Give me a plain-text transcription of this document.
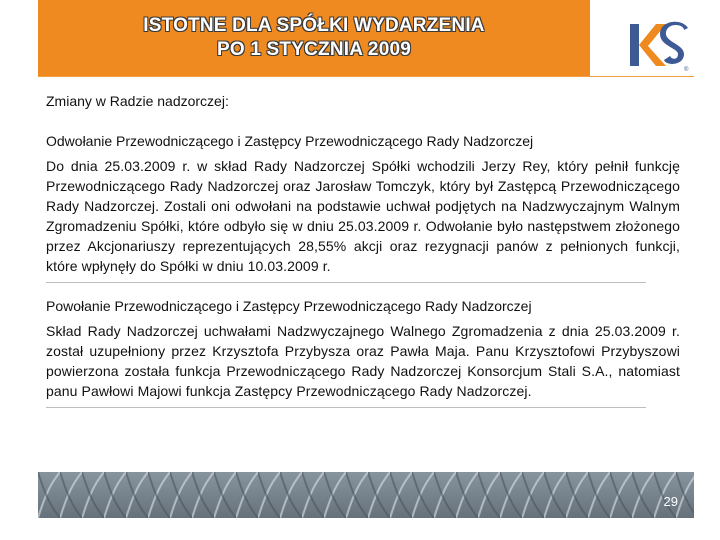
ISTOTNE DLA SPÓŁKI WYDARZENIA
PO 1 STYCZNIA 2009
®

Zmiany w Radzie nadzorczej:

Odwołanie Przewodniczącego i Zastępcy Przewodniczącego Rady Nadzorczej

Do dnia 25.03.2009 r. w skład Rady Nadzorczej Spółki wchodzili Jerzy Rey, który pełnił funkcję Przewodniczącego Rady Nadzorczej oraz Jarosław Tomczyk, który był Zastępcą Przewodniczącego Rady Nadzorczej. Zostali oni odwołani na podstawie uchwał podjętych na Nadzwyczajnym Walnym Zgromadzeniu Spółki, które odbyło się w dniu 25.03.2009 r. Odwołanie było następstwem złożonego przez Akcjonariuszy reprezentujących 28,55% akcji oraz rezygnacji panów z pełnionych funkcji, które wpłynęły do Spółki w dniu 10.03.2009 r.

Powołanie Przewodniczącego i Zastępcy Przewodniczącego Rady Nadzorczej

Skład Rady Nadzorczej uchwałami Nadzwyczajnego Walnego Zgromadzenia z dnia 25.03.2009 r. został uzupełniony przez Krzysztofa Przybysza oraz Pawła Maja. Panu Krzysztofowi Przybyszowi powierzona została funkcja Przewodniczącego Rady Nadzorczej Konsorcjum Stali S.A., natomiast panu Pawłowi Majowi funkcja Zastępcy Przewodniczącego Rady Nadzorczej.

29
